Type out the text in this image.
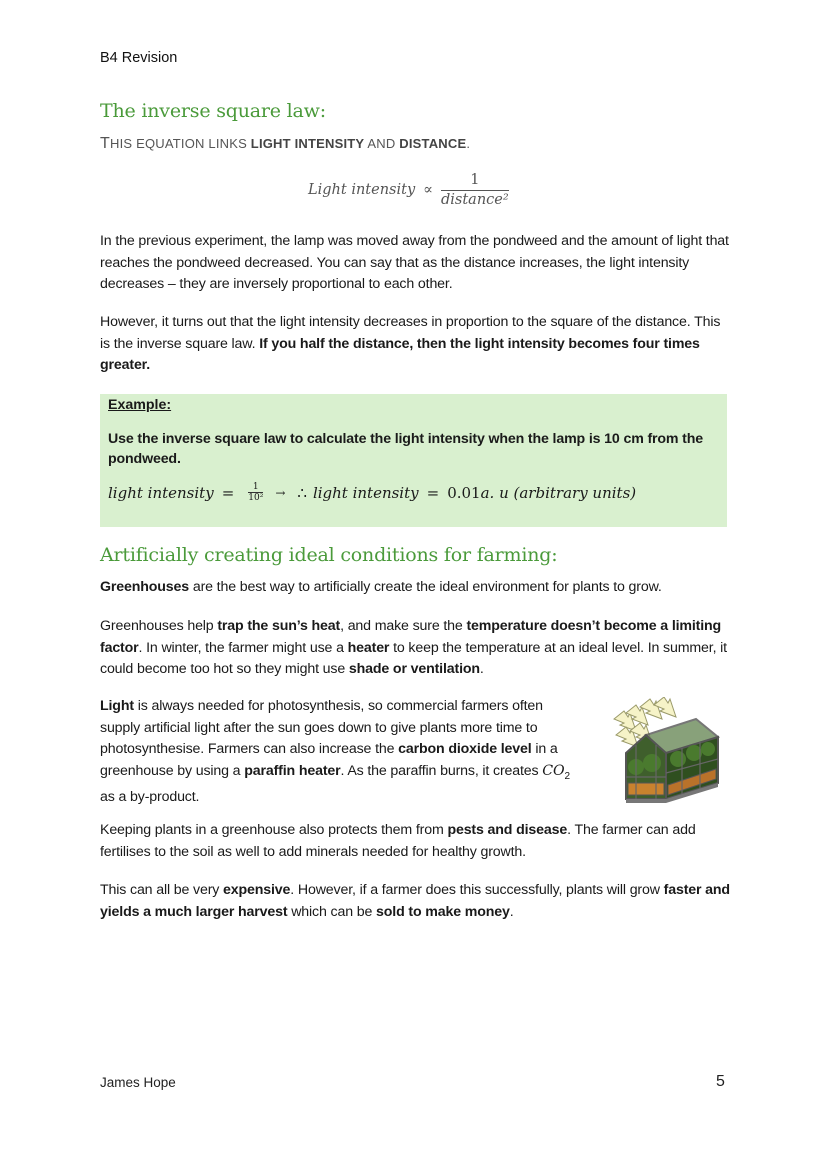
B4 Revision
The inverse square law:
THIS EQUATION LINKS LIGHT INTENSITY AND DISTANCE.
Light intensity ∝ $\frac{1}{\text{distance²}}$

In the previous experiment, the lamp was moved away from the pondweed and the amount of light that reaches the pondweed decreased. You can say that as the distance increases, the light intensity decreases – they are inversely proportional to each other.

However, it turns out that the light intensity decreases in proportion to the square of the distance. This is the inverse square law. If you half the distance, then the light intensity becomes four times greater.

Example:
Use the inverse square law to calculate the light intensity when the lamp is 10 cm from the pondweed.
light intensity = $\frac{1}{\text{10²}}$ → ∴ light intensity = 0.01 a. u (arbitrary units)
Artificially creating ideal conditions for farming:

Greenhouses are the best way to artificially create the ideal environment for plants to grow.

Greenhouses help trap the sun’s heat, and make sure the temperature doesn’t become a limiting factor. In winter, the farmer might use a heater to keep the temperature at an ideal level. In summer, it could become too hot so they might use shade or ventilation.

Light is always needed for photosynthesis, so commercial farmers often supply artificial light after the sun goes down to give plants more time to photosynthesise. Farmers can also increase the carbon dioxide level in a greenhouse by using a paraffin heater. As the paraffin burns, it creates $CO_2$ as a by-product.

Keeping plants in a greenhouse also protects them from pests and disease. The farmer can add fertilises to the soil as well to add minerals needed for healthy growth.

This can all be very expensive. However, if a farmer does this successfully, plants will grow faster and yields a much larger harvest which can be sold to make money.

James Hope	5
